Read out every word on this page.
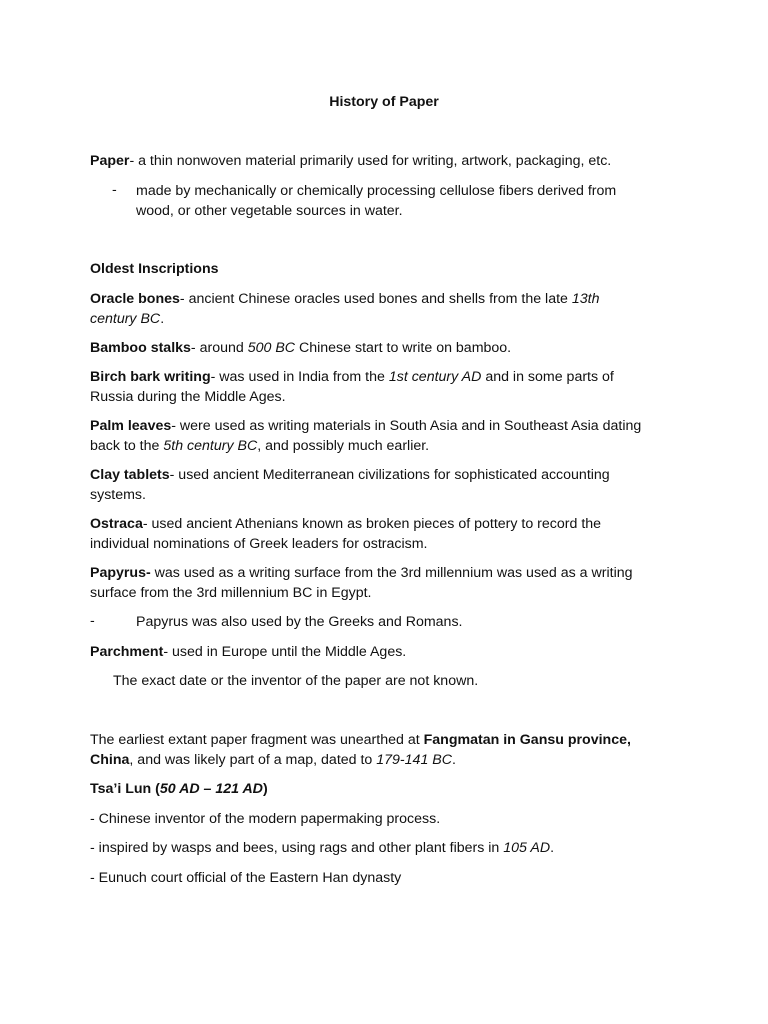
History of Paper
Paper- a thin nonwoven material primarily used for writing, artwork, packaging, etc.
- made by mechanically or chemically processing cellulose fibers derived from
wood, or other vegetable sources in water.
Oldest Inscriptions
Oracle bones- ancient Chinese oracles used bones and shells from the late 13th
century BC.
Bamboo stalks- around 500 BC Chinese start to write on bamboo.
Birch bark writing- was used in India from the 1st century AD and in some parts of
Russia during the Middle Ages.
Palm leaves- were used as writing materials in South Asia and in Southeast Asia dating
back to the 5th century BC, and possibly much earlier.
Clay tablets- used ancient Mediterranean civilizations for sophisticated accounting
systems.
Ostraca- used ancient Athenians known as broken pieces of pottery to record the
individual nominations of Greek leaders for ostracism.
Papyrus- was used as a writing surface from the 3rd millennium was used as a writing
surface from the 3rd millennium BC in Egypt.
-	Papyrus was also used by the Greeks and Romans.
Parchment- used in Europe until the Middle Ages.
The exact date or the inventor of the paper are not known.
The earliest extant paper fragment was unearthed at Fangmatan in Gansu province,
China, and was likely part of a map, dated to 179-141 BC.
Tsa’i Lun (50 AD – 121 AD)
- Chinese inventor of the modern papermaking process.
- inspired by wasps and bees, using rags and other plant fibers in 105 AD.
- Eunuch court official of the Eastern Han dynasty
